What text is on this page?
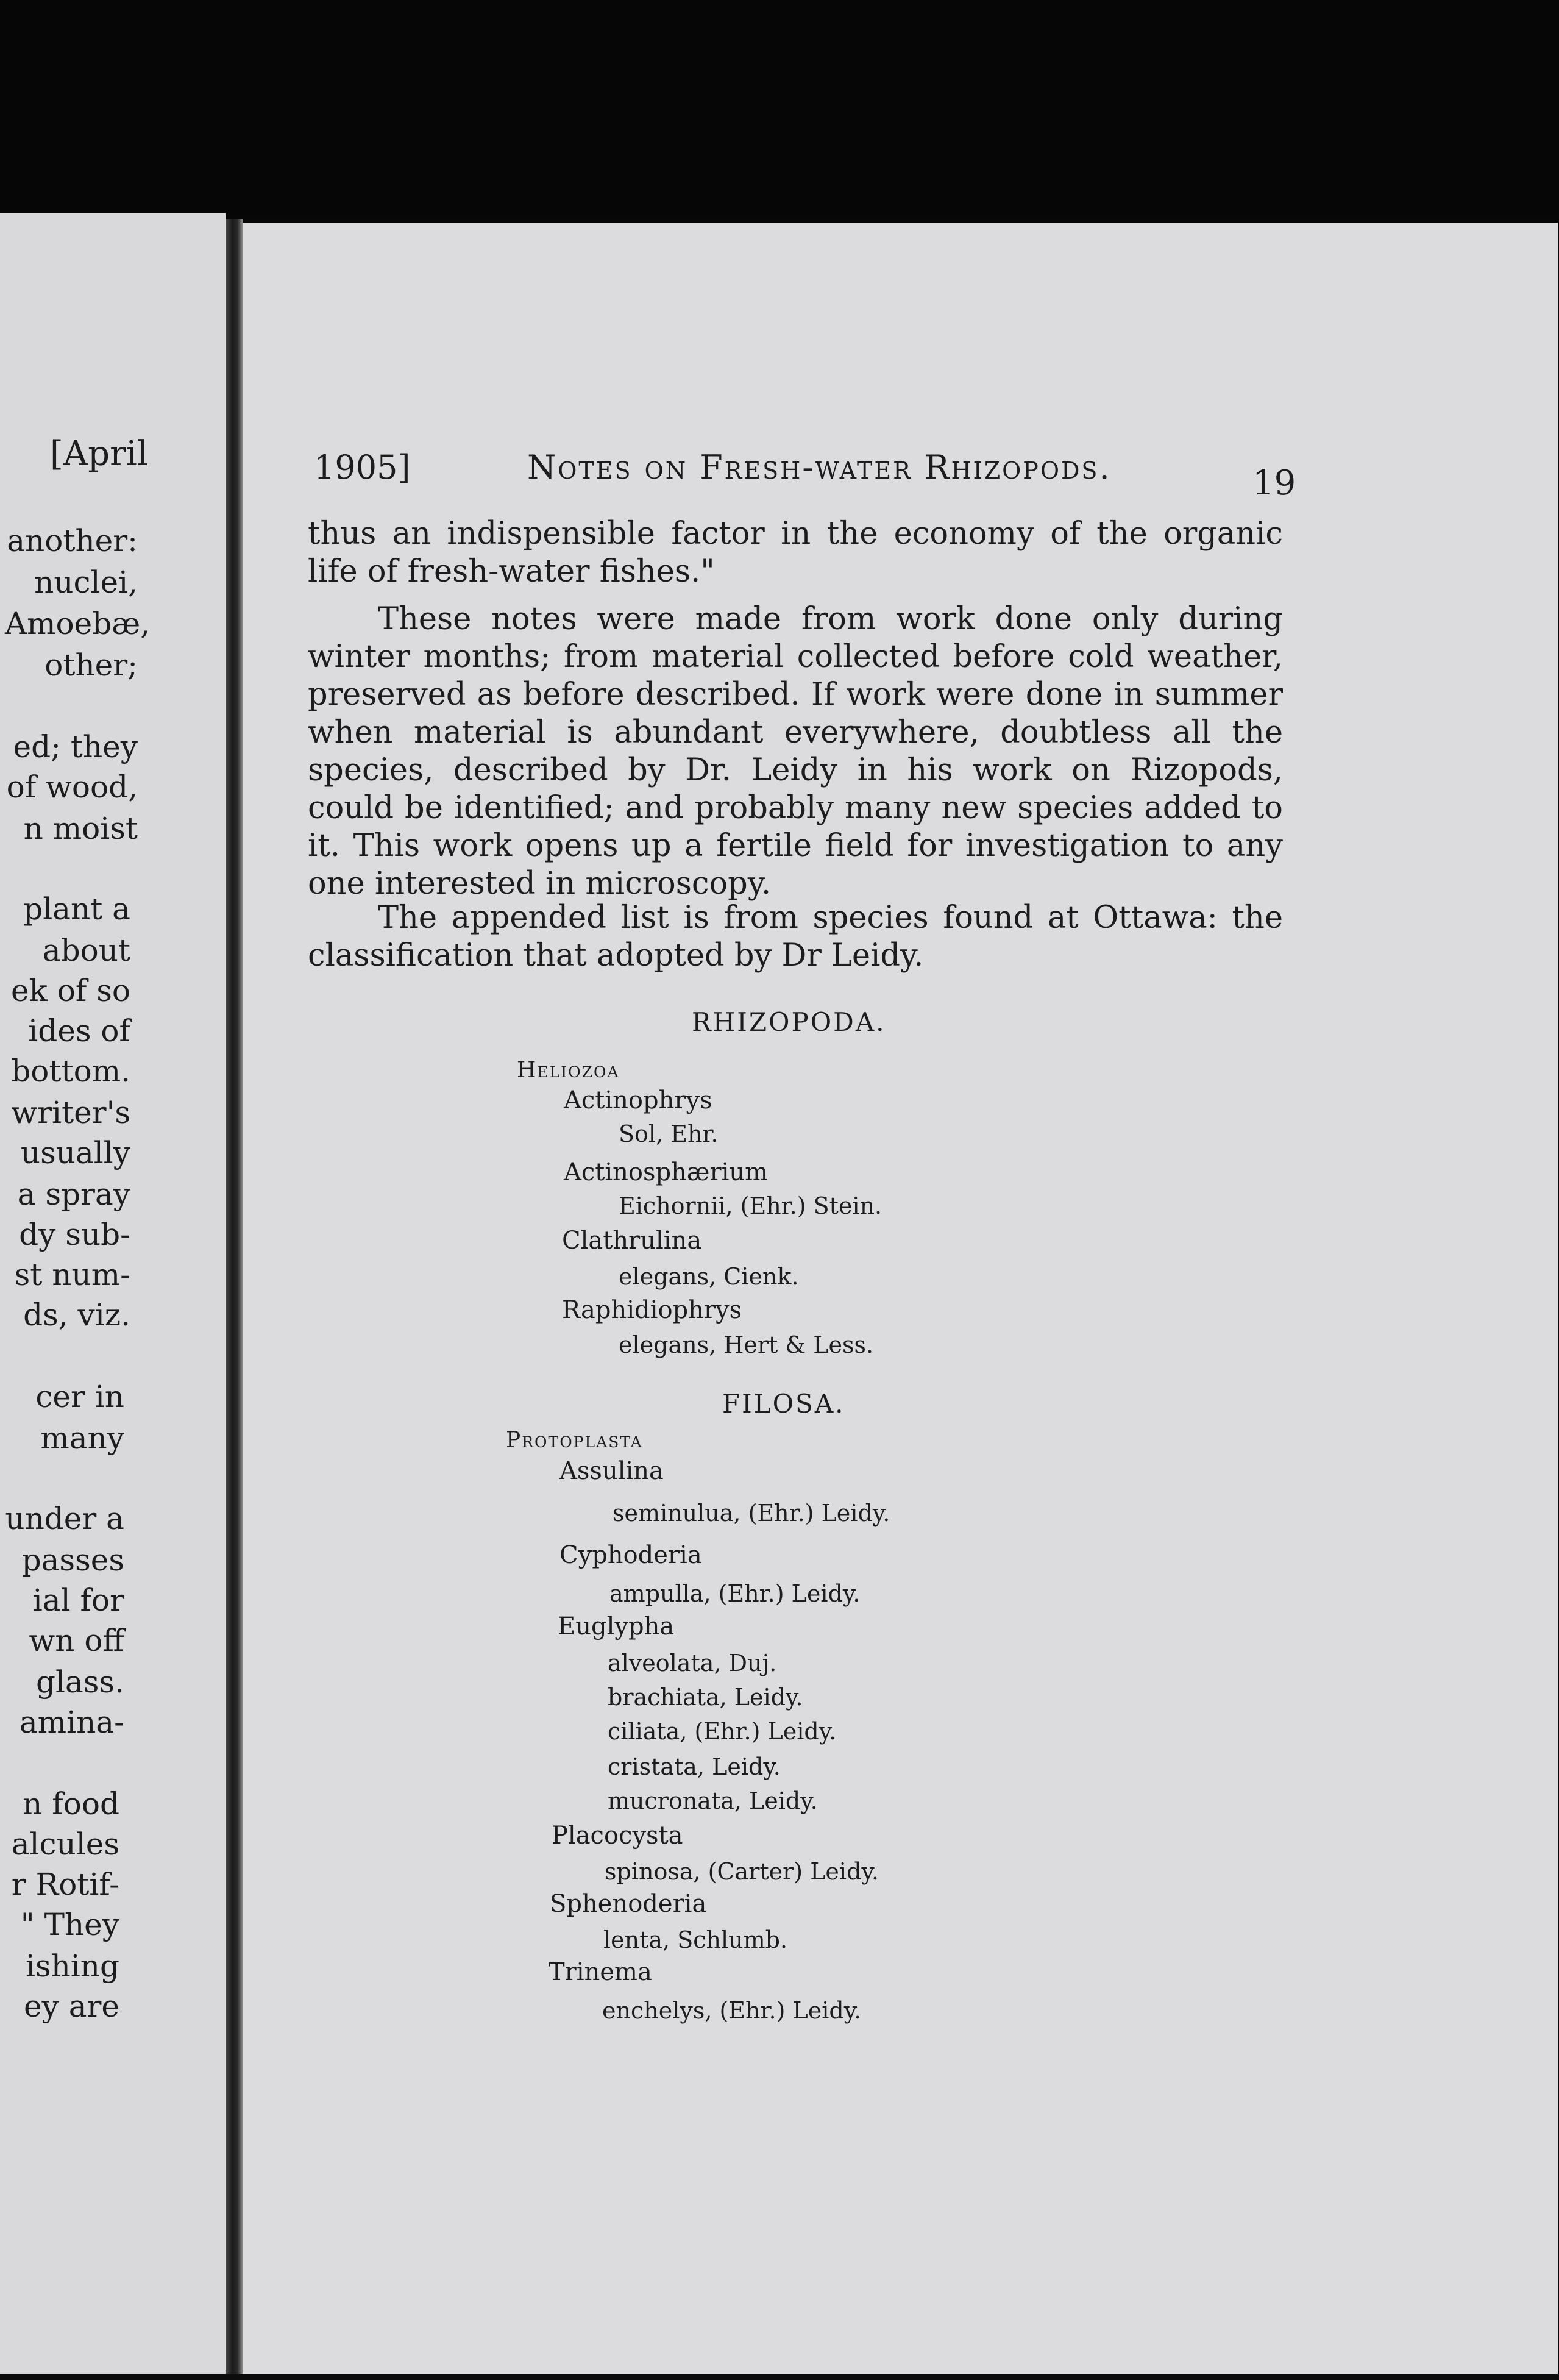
[April
another:
nuclei,
Amoebæ,
other;
ed; they
of wood,
n moist
plant a
about
ek of so
ides of
bottom.
writer's
usually
a spray
dy sub-
st num-
ds, viz.
cer in
many
under a
passes
ial for
wn off
glass.
amina-
n food
alcules
r Rotif-
" They
ishing
ey are
1905]	Notes on Fresh-water Rhizopods.	19
thus an indispensible factor in the economy of the organic life of fresh-water fishes."
These notes were made from work done only during winter months; from material collected before cold weather, preserved as before described. If work were done in summer when material is abundant everywhere, doubtless all the species, described by Dr. Leidy in his work on Rizopods, could be identified; and probably many new species added to it. This work opens up a fertile field for investigation to any one interested in microscopy.
The appended list is from species found at Ottawa: the classification that adopted by Dr Leidy.
RHIZOPODA.
Heliozoa
Actinophrys
Sol, Ehr.
Actinosphærium
Eichornii, (Ehr.) Stein.
Clathrulina
elegans, Cienk.
Raphidiophrys
elegans, Hert & Less.
FILOSA.
Protoplasta
Assulina
seminulua, (Ehr.) Leidy.
Cyphoderia
ampulla, (Ehr.) Leidy.
Euglypha
alveolata, Duj.
brachiata, Leidy.
ciliata, (Ehr.) Leidy.
cristata, Leidy.
mucronata, Leidy.
Placocysta
spinosa, (Carter) Leidy.
Sphenoderia
lenta, Schlumb.
Trinema
enchelys, (Ehr.) Leidy.
